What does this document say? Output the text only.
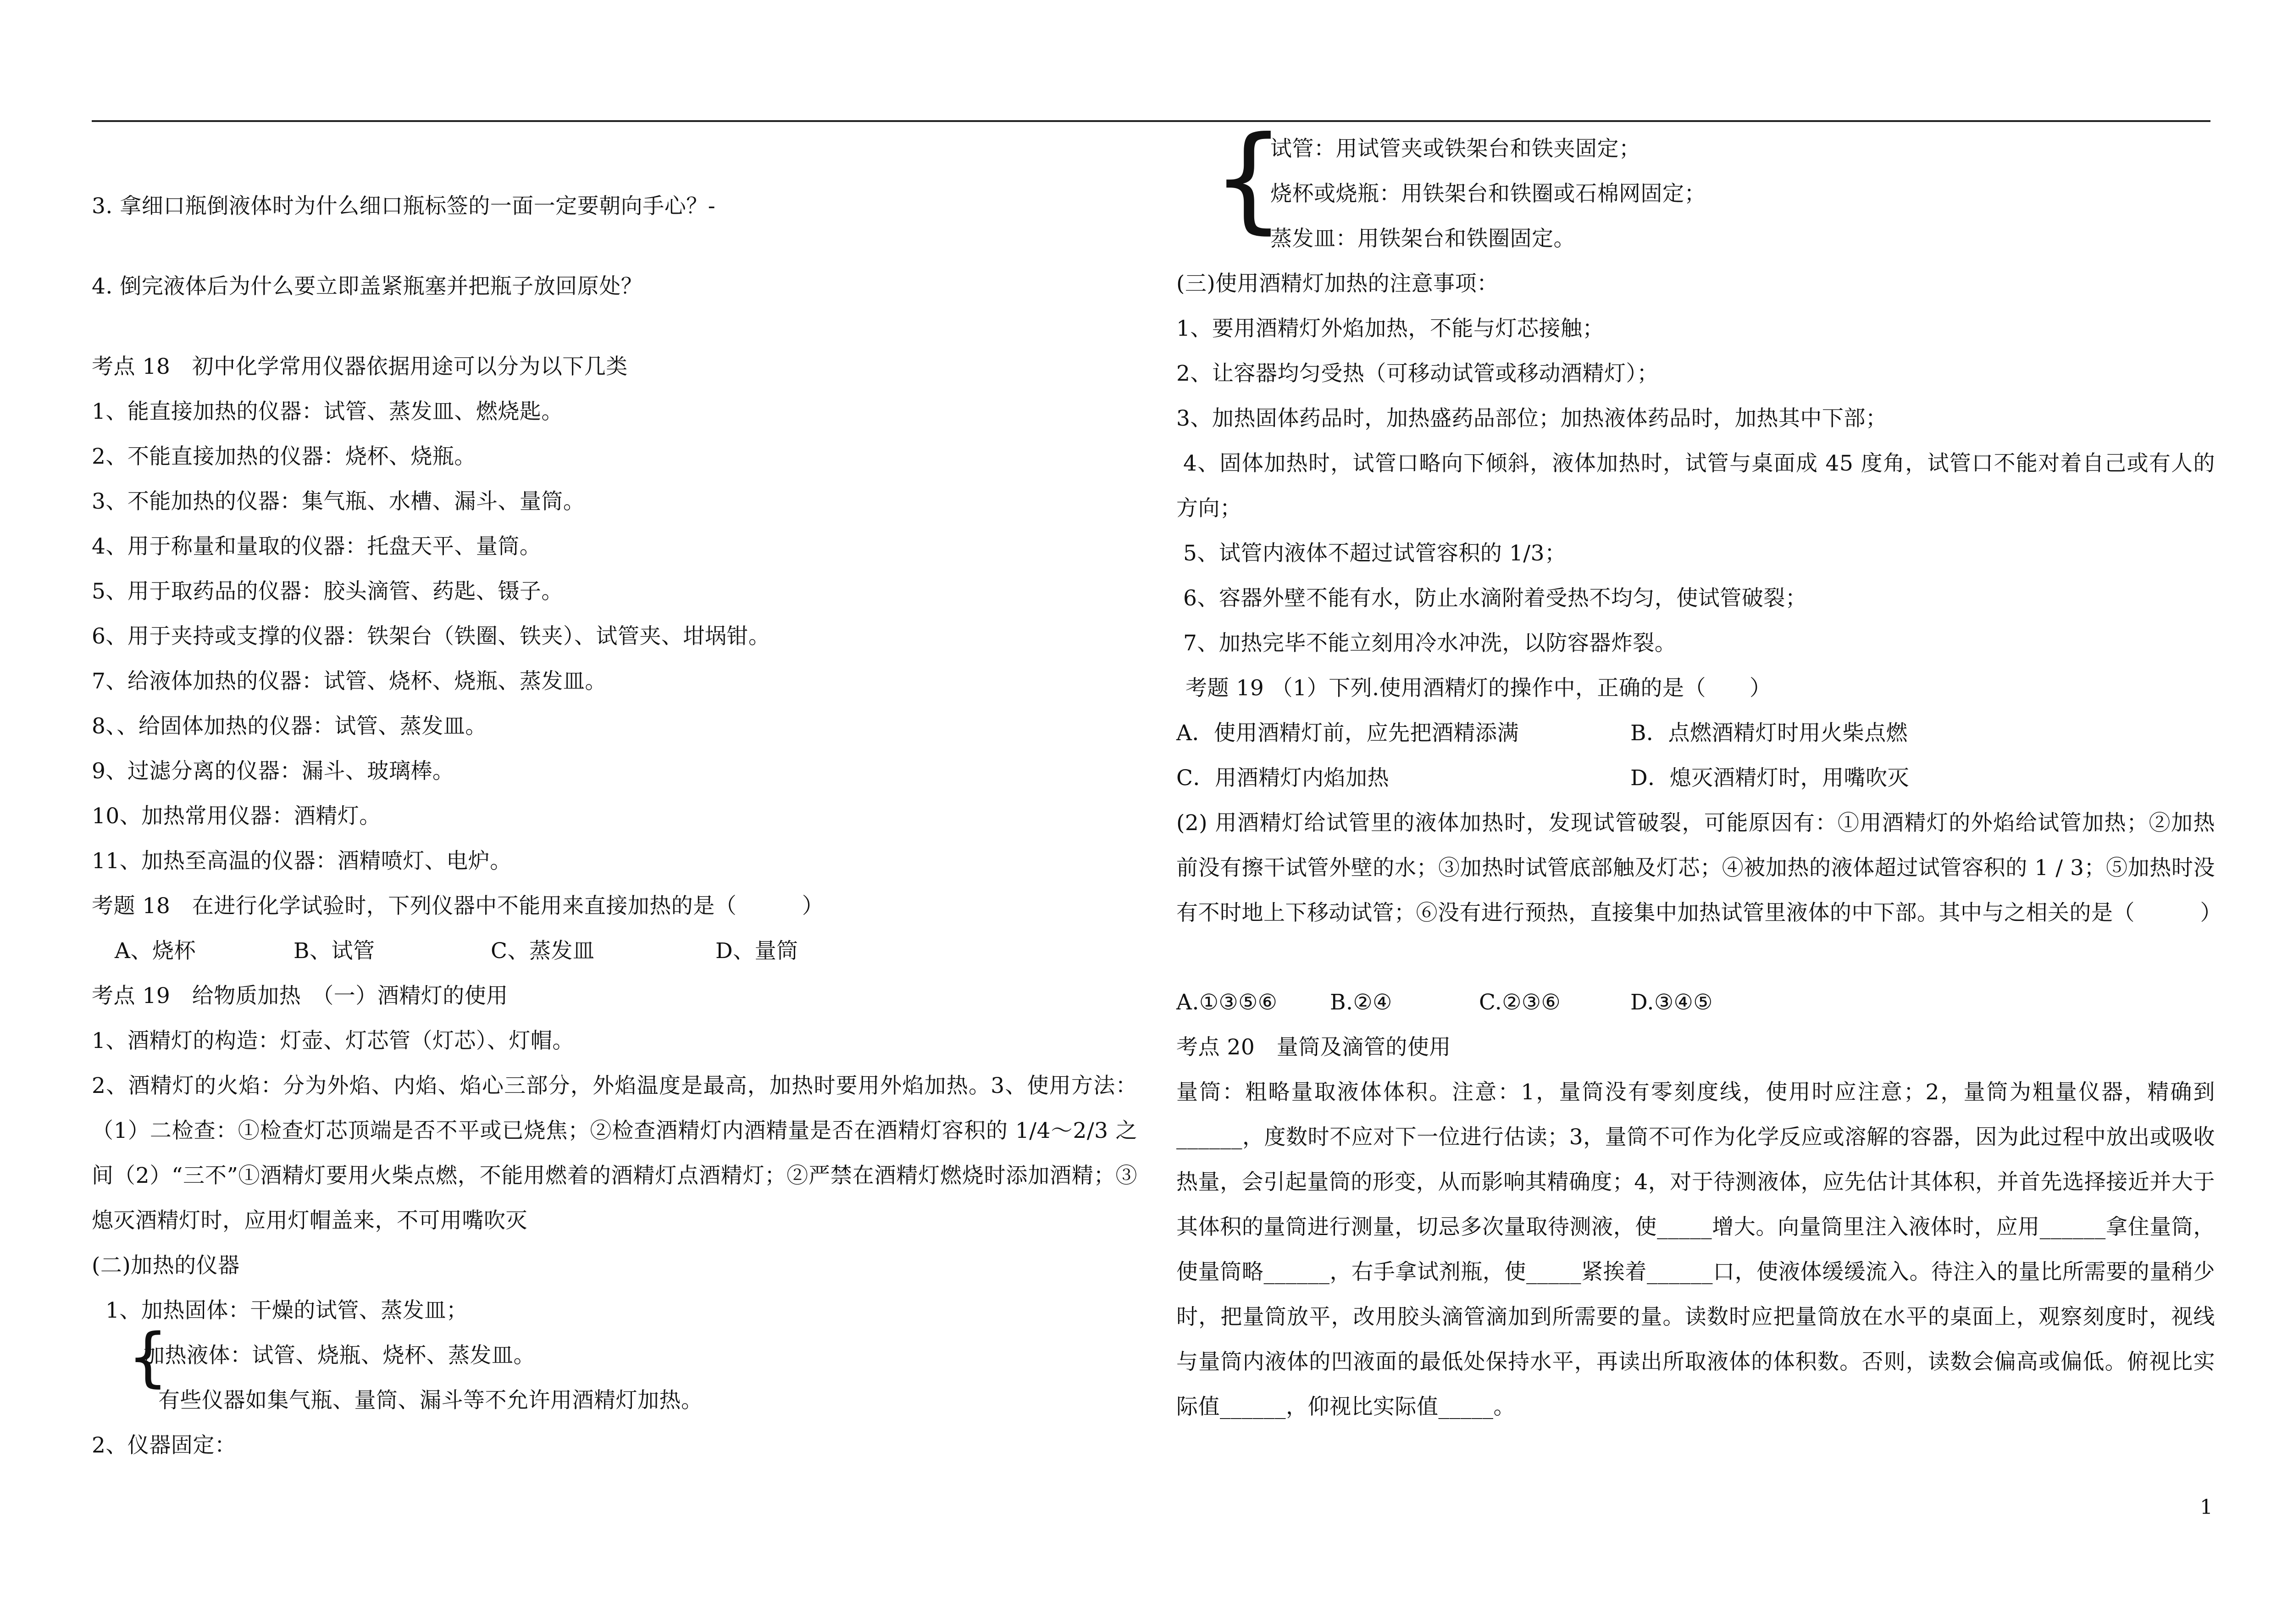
3. 拿细口瓶倒液体时为什么细口瓶标签的一面一定要朝向手心？-
4. 倒完液体后为什么要立即盖紧瓶塞并把瓶子放回原处？
考点 18　初中化学常用仪器依据用途可以分为以下几类
1、能直接加热的仪器：试管、蒸发皿、燃烧匙。
2、不能直接加热的仪器：烧杯、烧瓶。
3、不能加热的仪器：集气瓶、水槽、漏斗、量筒。
4、用于称量和量取的仪器：托盘天平、量筒。
5、用于取药品的仪器：胶头滴管、药匙、镊子。
6、用于夹持或支撑的仪器：铁架台（铁圈、铁夹）、试管夹、坩埚钳。
7、给液体加热的仪器：试管、烧杯、烧瓶、蒸发皿。
8、、给固体加热的仪器：试管、蒸发皿。
9、过滤分离的仪器：漏斗、玻璃棒。
10、加热常用仪器：酒精灯。
11、加热至高温的仪器：酒精喷灯、电炉。
考题 18　在进行化学试验时，下列仪器中不能用来直接加热的是（　　　）
A、烧杯	B、试管	C、蒸发皿	D、量筒
考点 19　给物质加热　（一）酒精灯的使用
1、酒精灯的构造：灯壶、灯芯管（灯芯）、灯帽。
2、酒精灯的火焰：分为外焰、内焰、焰心三部分，外焰温度是最高，加热时要用外焰加热。3、使用方法：（1）二检查：①检查灯芯顶端是否不平或已烧焦；②检查酒精灯内酒精量是否在酒精灯容积的 1/4～2/3 之间（2）“三不”①酒精灯要用火柴点燃，不能用燃着的酒精灯点酒精灯；②严禁在酒精灯燃烧时添加酒精；③熄灭酒精灯时，应用灯帽盖来，不可用嘴吹灭
(二)加热的仪器
1、加热固体：干燥的试管、蒸发皿；
{
加热液体：试管、烧瓶、烧杯、蒸发皿。
有些仪器如集气瓶、量筒、漏斗等不允许用酒精灯加热。
2、仪器固定：
{
试管：用试管夹或铁架台和铁夹固定；
烧杯或烧瓶：用铁架台和铁圈或石棉网固定；
蒸发皿：用铁架台和铁圈固定。
(三)使用酒精灯加热的注意事项：
1、要用酒精灯外焰加热，不能与灯芯接触；
2、让容器均匀受热（可移动试管或移动酒精灯）；
3、加热固体药品时，加热盛药品部位；加热液体药品时，加热其中下部；
4、固体加热时，试管口略向下倾斜，液体加热时，试管与桌面成 45 度角，试管口不能对着自己或有人的方向；
5、试管内液体不超过试管容积的 1/3；
6、容器外壁不能有水，防止水滴附着受热不均匀，使试管破裂；
7、加热完毕不能立刻用冷水冲洗，以防容器炸裂。
考题 19 （1）下列.使用酒精灯的操作中，正确的是（　　）
A．使用酒精灯前，应先把酒精添满	B．点燃酒精灯时用火柴点燃
C．用酒精灯内焰加热	D．熄灭酒精灯时，用嘴吹灭
(2) 用酒精灯给试管里的液体加热时，发现试管破裂，可能原因有：①用酒精灯的外焰给试管加热；②加热前没有擦干试管外壁的水；③加热时试管底部触及灯芯；④被加热的液体超过试管容积的 1 / 3；⑤加热时没有不时地上下移动试管；⑥没有进行预热，直接集中加热试管里液体的中下部。其中与之相关的是（　　　）
A.①③⑤⑥ B.②④	C.②③⑥	D.③④⑤
考点 20　量筒及滴管的使用
量筒：粗略量取液体体积。注意：1，量筒没有零刻度线，使用时应注意；2，量筒为粗量仪器，精确到______，度数时不应对下一位进行估读；3，量筒不可作为化学反应或溶解的容器，因为此过程中放出或吸收热量，会引起量筒的形变，从而影响其精确度；4，对于待测液体，应先估计其体积，并首先选择接近并大于其体积的量筒进行测量，切忌多次量取待测液，使_____增大。向量筒里注入液体时，应用______拿住量筒，使量筒略______，右手拿试剂瓶，使_____紧挨着______口，使液体缓缓流入。待注入的量比所需要的量稍少时，把量筒放平，改用胶头滴管滴加到所需要的量。读数时应把量筒放在水平的桌面上，观察刻度时，视线与量筒内液体的凹液面的最低处保持水平，再读出所取液体的体积数。否则，读数会偏高或偏低。俯视比实际值______，仰视比实际值_____。
1
